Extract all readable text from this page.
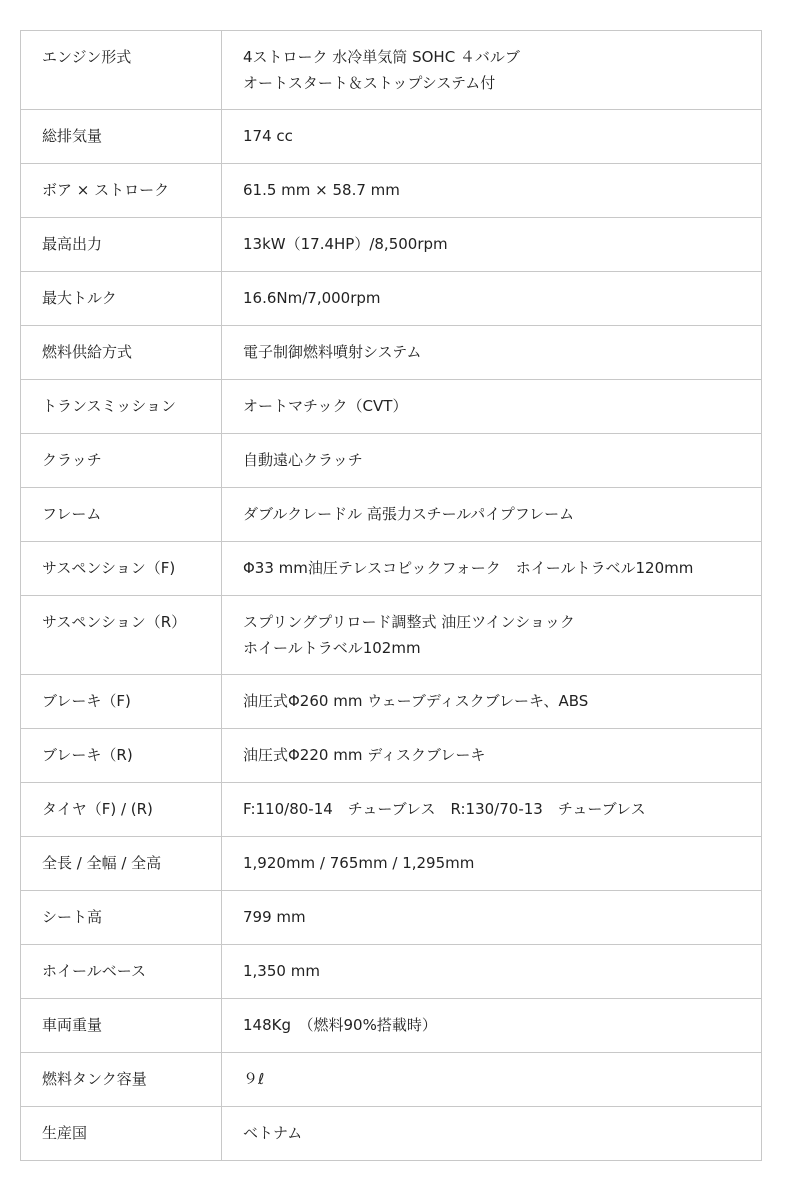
エンジン形式	4ストローク 水冷単気筒 SOHC ４バルブ
オートスタート＆ストップシステム付
総排気量	174 cc
ボア × ストローク	61.5 mm × 58.7 mm
最高出力	13kW（17.4HP）/8,500rpm
最大トルク	16.6Nm/7,000rpm
燃料供給方式	電子制御燃料噴射システム
トランスミッション	オートマチック（CVT）
クラッチ	自動遠心クラッチ
フレーム	ダブルクレードル 高張力スチールパイプフレーム
サスペンション（F)	Φ33 mm油圧テレスコピックフォーク　ホイールトラベル120mm
サスペンション（R）	スプリングプリロード調整式 油圧ツインショック
ホイールトラベル102mm
ブレーキ（F)	油圧式Φ260 mm ウェーブディスクブレーキ、ABS
ブレーキ（R)	油圧式Φ220 mm ディスクブレーキ
タイヤ（F) / (R)	F:110/80-14　チューブレス　R:130/70-13　チューブレス
全長 / 全幅 / 全高	1,920mm / 765mm / 1,295mm
シート高	799 mm
ホイールベース	1,350 mm
車両重量	148Kg　（燃料90%搭載時）
燃料タンク容量	９ℓ
生産国	ベトナム
